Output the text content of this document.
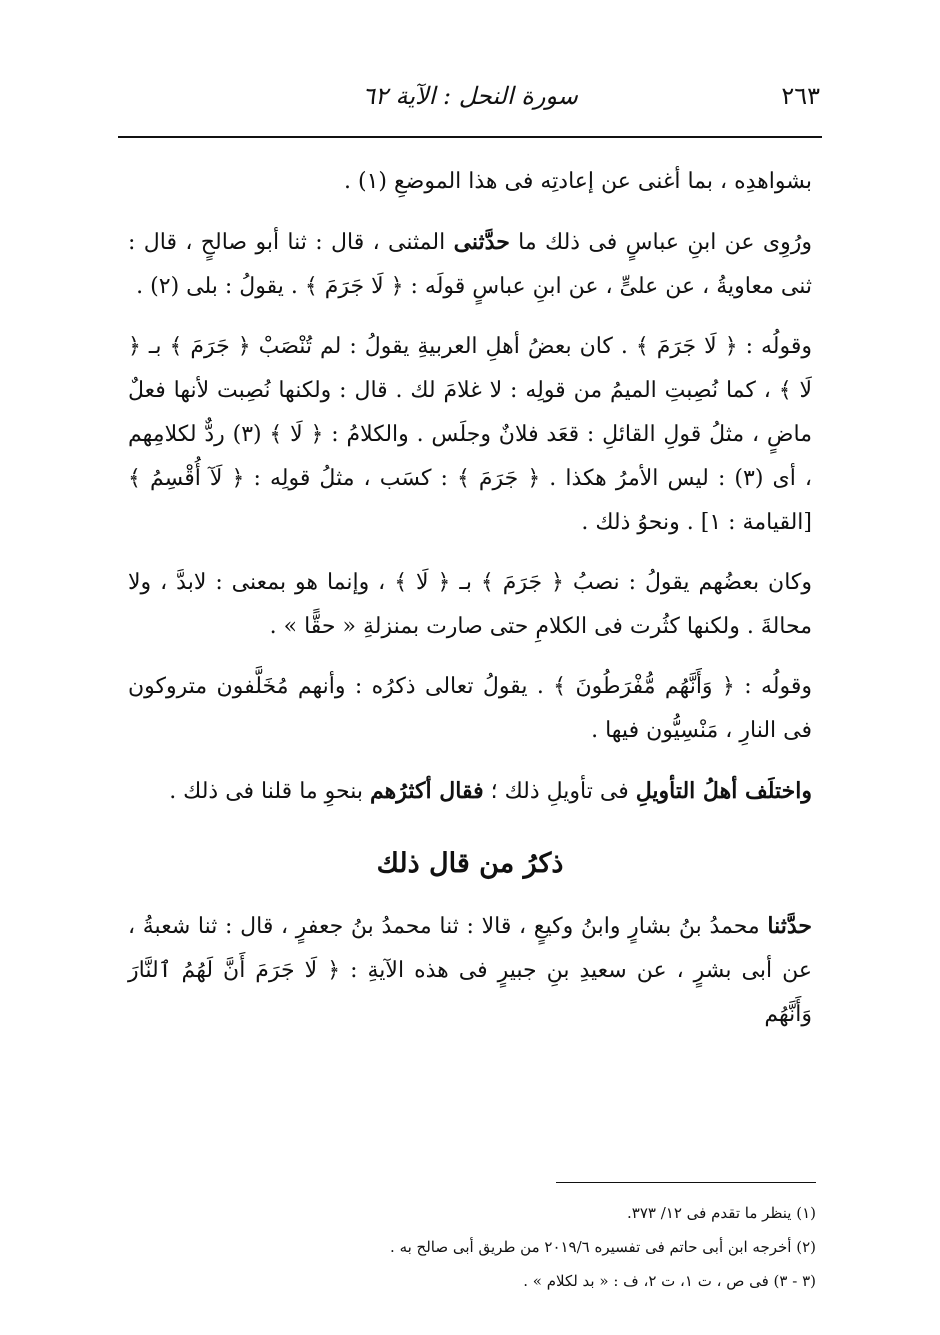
٢٦٣
سورة النحل : الآية ٦٢
بشواهدِه ، بما أغنى عن إعادتِه فى هذا الموضعِ (١) .
ورُوِى عن ابنِ عباسٍ فى ذلك ما حدَّثنى المثنى ، قال : ثنا أبو صالحٍ ، قال : ثنى معاويةُ ، عن علىٍّ ، عن ابنِ عباسٍ قولَه : ﴿ لَا جَرَمَ ﴾ . يقولُ : بلى (٢) .
وقولُه : ﴿ لَا جَرَمَ ﴾ . كان بعضُ أهلِ العربيةِ يقولُ : لم تُنْصَبْ ﴿ جَرَمَ ﴾ بـ ﴿ لَا ﴾ ، كما نُصِبتِ الميمُ من قولِه : لا غلامَ لك . قال : ولكنها نُصِبت لأنها فعلٌ ماضٍ ، مثلُ قولِ القائلِ : قعَد فلانٌ وجلَس . والكلامُ : ﴿ لَا ﴾ (٣) ردٌّ لكلامِهم ، أى (٣) : ليس الأمرُ هكذا . ﴿ جَرَمَ ﴾ : كسَب ، مثلُ قولِه : ﴿ لَآ أُقْسِمُ ﴾ [القيامة : ١] . ونحوُ ذلك .
وكان بعضُهم يقولُ : نصبُ ﴿ جَرَمَ ﴾ بـ ﴿ لَا ﴾ ، وإنما هو بمعنى : لابدَّ ، ولا محالةَ . ولكنها كثُرت فى الكلامِ حتى صارت بمنزلةِ « حقًّا » .
وقولُه : ﴿ وَأَنَّهُم مُّفْرَطُونَ ﴾ . يقولُ تعالى ذكرُه : وأنهم مُخَلَّفون متروكون فى النارِ ، مَنْسِيُّون فيها .
واختلَف أهلُ التأويلِ فى تأويلِ ذلك ؛ فقال أكثرُهم بنحوِ ما قلنا فى ذلك .
ذكرُ من قال ذلك
حدَّثنا محمدُ بنُ بشارٍ وابنُ وكيعٍ ، قالا : ثنا محمدُ بنُ جعفرٍ ، قال : ثنا شعبةُ ، عن أبى بشرٍ ، عن سعيدِ بنِ جبيرٍ فى هذه الآيةِ : ﴿ لَا جَرَمَ أَنَّ لَهُمُ ٱلنَّارَ وَأَنَّهُم
(١) ينظر ما تقدم فى ١٢/ ٣٧٣.
(٢) أخرجه ابن أبى حاتم فى تفسيره ٢٠١٩/٦ من طريق أبى صالح به .
(٣ - ٣) فى ص ، ت ١، ت ٢، ف : « بد لكلام » .
